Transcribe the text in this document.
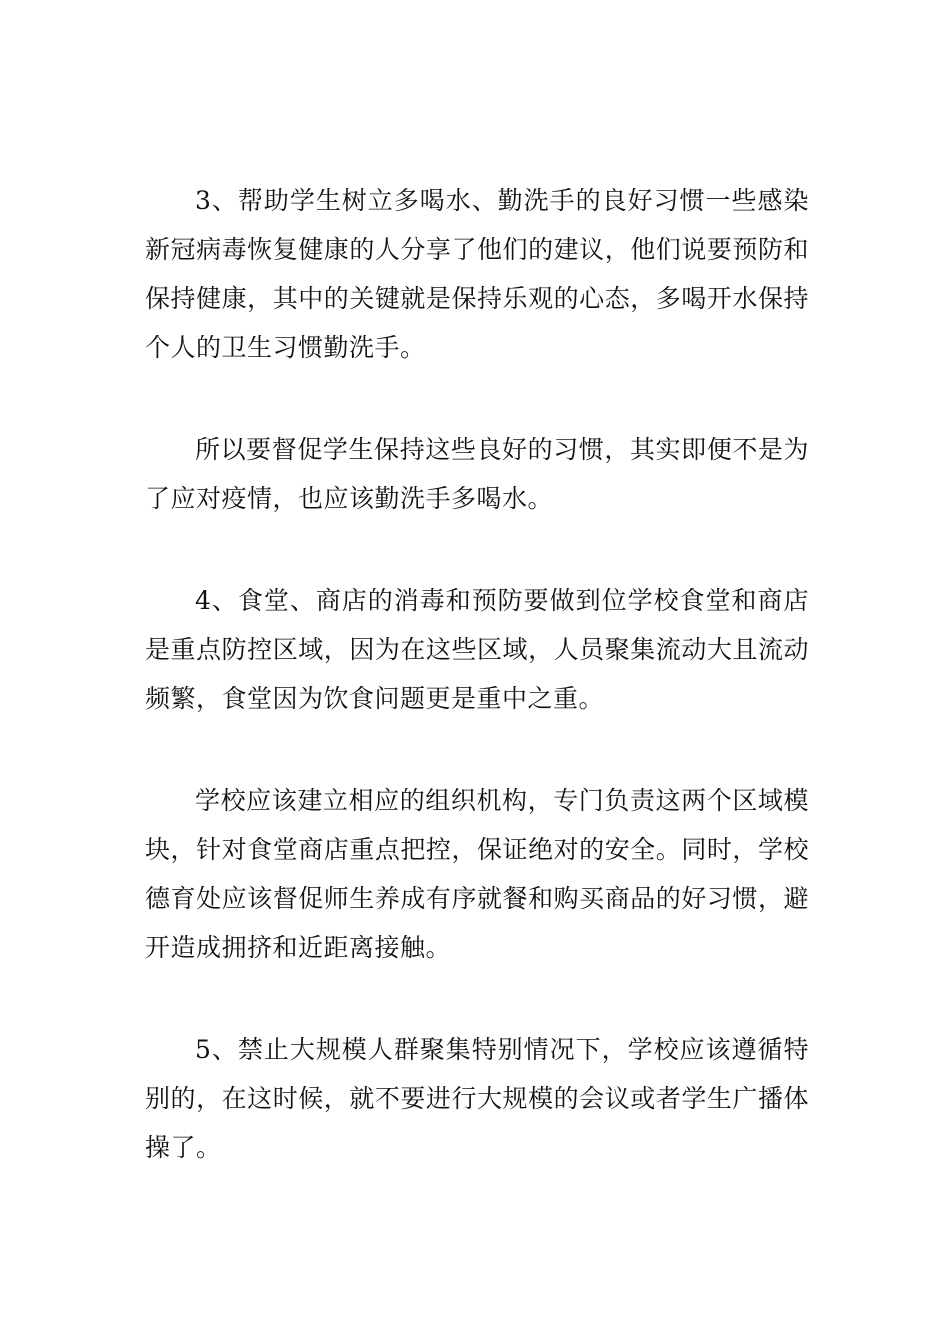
3、帮助学生树立多喝水、勤洗手的良好习惯一些感染新冠病毒恢复健康的人分享了他们的建议，他们说要预防和保持健康，其中的关键就是保持乐观的心态，多喝开水保持个人的卫生习惯勤洗手。

所以要督促学生保持这些良好的习惯，其实即便不是为了应对疫情，也应该勤洗手多喝水。

4、食堂、商店的消毒和预防要做到位学校食堂和商店是重点防控区域，因为在这些区域，人员聚集流动大且流动频繁，食堂因为饮食问题更是重中之重。

学校应该建立相应的组织机构，专门负责这两个区域模块，针对食堂商店重点把控，保证绝对的安全。同时，学校德育处应该督促师生养成有序就餐和购买商品的好习惯，避开造成拥挤和近距离接触。

5、禁止大规模人群聚集特别情况下，学校应该遵循特别的，在这时候，就不要进行大规模的会议或者学生广播体操了。
